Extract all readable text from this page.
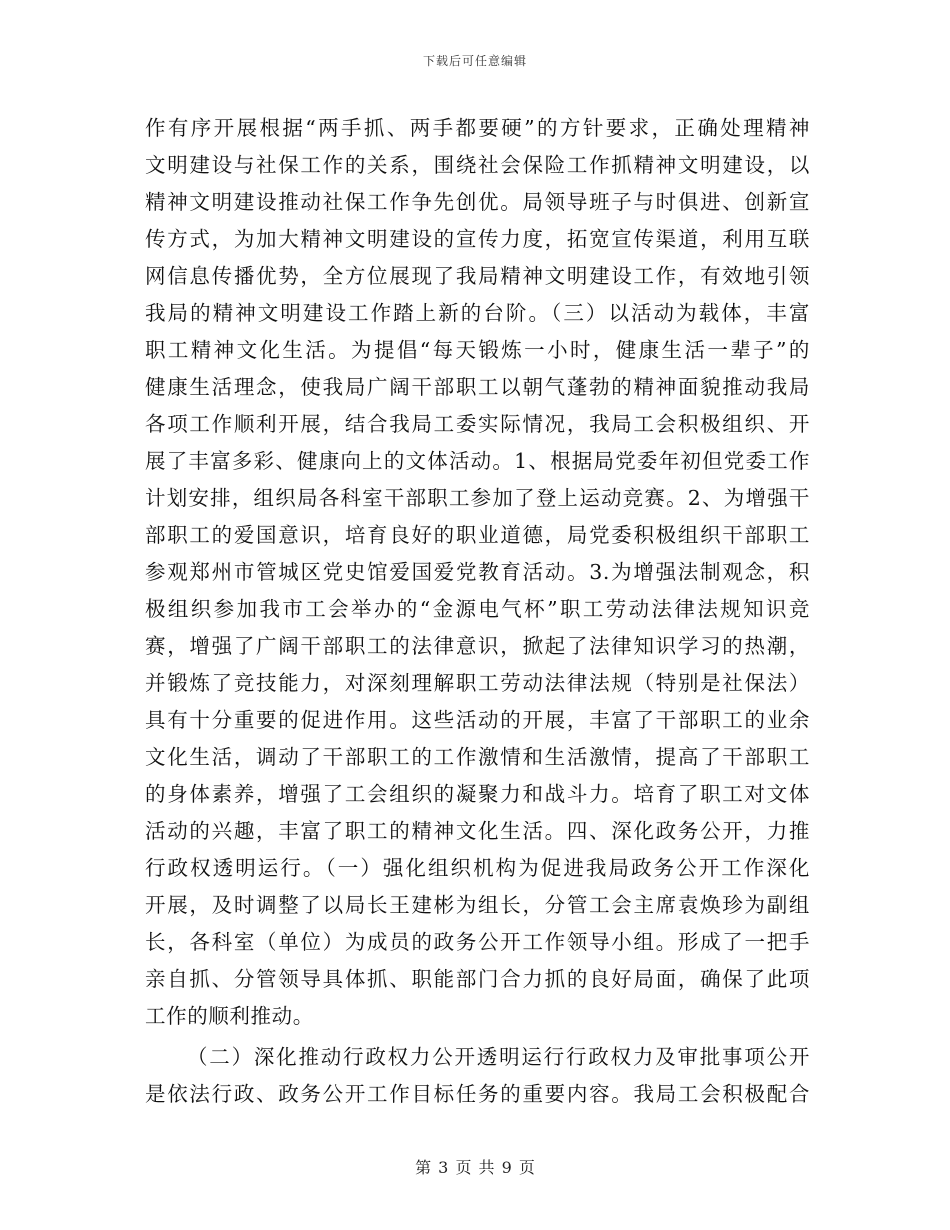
下载后可任意编辑
作有序开展根据“两手抓、两手都要硬”的方针要求，正确处理精神
文明建设与社保工作的关系，围绕社会保险工作抓精神文明建设，以
精神文明建设推动社保工作争先创优。局领导班子与时俱进、创新宣
传方式，为加大精神文明建设的宣传力度，拓宽宣传渠道，利用互联
网信息传播优势，全方位展现了我局精神文明建设工作，有效地引领
我局的精神文明建设工作踏上新的台阶。（三）以活动为载体，丰富
职工精神文化生活。为提倡“每天锻炼一小时，健康生活一辈子”的
健康生活理念，使我局广阔干部职工以朝气蓬勃的精神面貌推动我局
各项工作顺利开展，结合我局工委实际情况，我局工会积极组织、开
展了丰富多彩、健康向上的文体活动。1、根据局党委年初但党委工作
计划安排，组织局各科室干部职工参加了登上运动竞赛。2、为增强干
部职工的爱国意识，培育良好的职业道德，局党委积极组织干部职工
参观郑州市管城区党史馆爱国爱党教育活动。3.为增强法制观念，积
极组织参加我市工会举办的“金源电气杯”职工劳动法律法规知识竞
赛，增强了广阔干部职工的法律意识，掀起了法律知识学习的热潮，
并锻炼了竞技能力，对深刻理解职工劳动法律法规（特别是社保法）
具有十分重要的促进作用。这些活动的开展，丰富了干部职工的业余
文化生活，调动了干部职工的工作激情和生活激情，提高了干部职工
的身体素养，增强了工会组织的凝聚力和战斗力。培育了职工对文体
活动的兴趣，丰富了职工的精神文化生活。四、深化政务公开，力推
行政权透明运行。（一）强化组织机构为促进我局政务公开工作深化
开展，及时调整了以局长王建彬为组长，分管工会主席袁焕珍为副组
长，各科室（单位）为成员的政务公开工作领导小组。形成了一把手
亲自抓、分管领导具体抓、职能部门合力抓的良好局面，确保了此项
工作的顺利推动。
（二）深化推动行政权力公开透明运行行政权力及审批事项公开
是依法行政、政务公开工作目标任务的重要内容。我局工会积极配合
第 3 页 共 9 页
